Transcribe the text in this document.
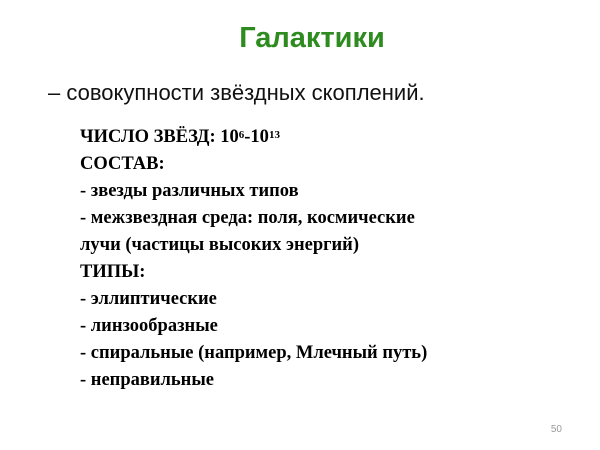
Галактики
– совокупности звёздных скоплений.
ЧИСЛО ЗВЁЗД: $10^6-10^{13}$
СОСТАВ:
- звезды различных типов
- межзвездная среда: поля, космические
лучи (частицы высоких энергий)
ТИПЫ:
- эллиптические
- линзообразные
- спиральные (например, Млечный путь)
- неправильные
50
